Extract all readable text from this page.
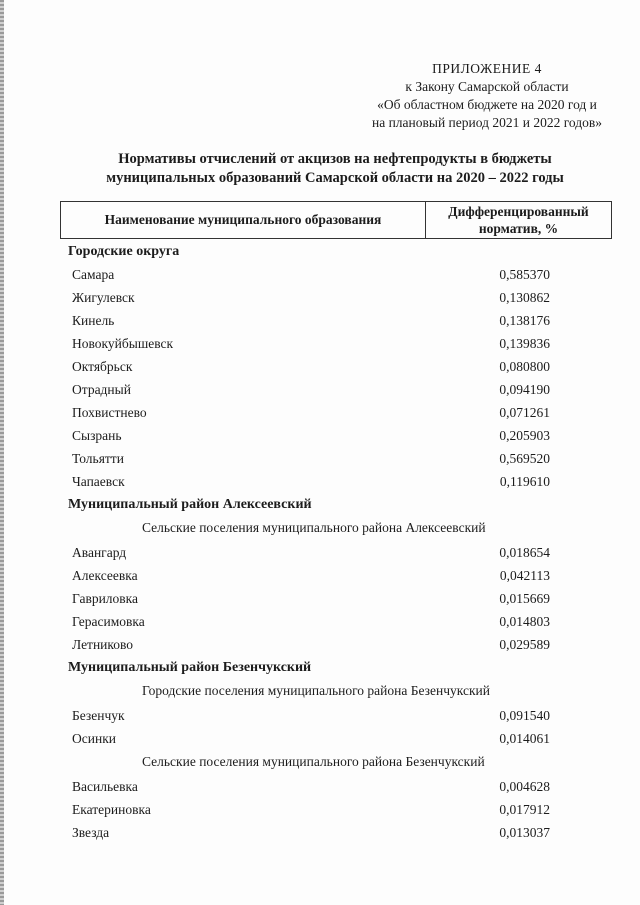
ПРИЛОЖЕНИЕ 4
к Закону Самарской области
«Об областном бюджете на 2020 год и
на плановый период 2021 и 2022 годов»
Нормативы отчислений от акцизов на нефтепродукты в бюджеты
муниципальных образований Самарской области на 2020 – 2022 годы
Наименование муниципального образования
Дифференцированный
норматив, %
Городские округа
Самара	0,585370
Жигулевск	0,130862
Кинель	0,138176
Новокуйбышевск	0,139836
Октябрьск	0,080800
Отрадный	0,094190
Похвистнево	0,071261
Сызрань	0,205903
Тольятти	0,569520
Чапаевск	0,119610
Муниципальный район Алексеевский
Сельские поселения муниципального района Алексеевский
Авангард	0,018654
Алексеевка	0,042113
Гавриловка	0,015669
Герасимовка	0,014803
Летниково	0,029589
Муниципальный район Безенчукский
Городские поселения муниципального района Безенчукский
Безенчук	0,091540
Осинки	0,014061
Сельские поселения муниципального района Безенчукский
Васильевка	0,004628
Екатериновка	0,017912
Звезда	0,013037
